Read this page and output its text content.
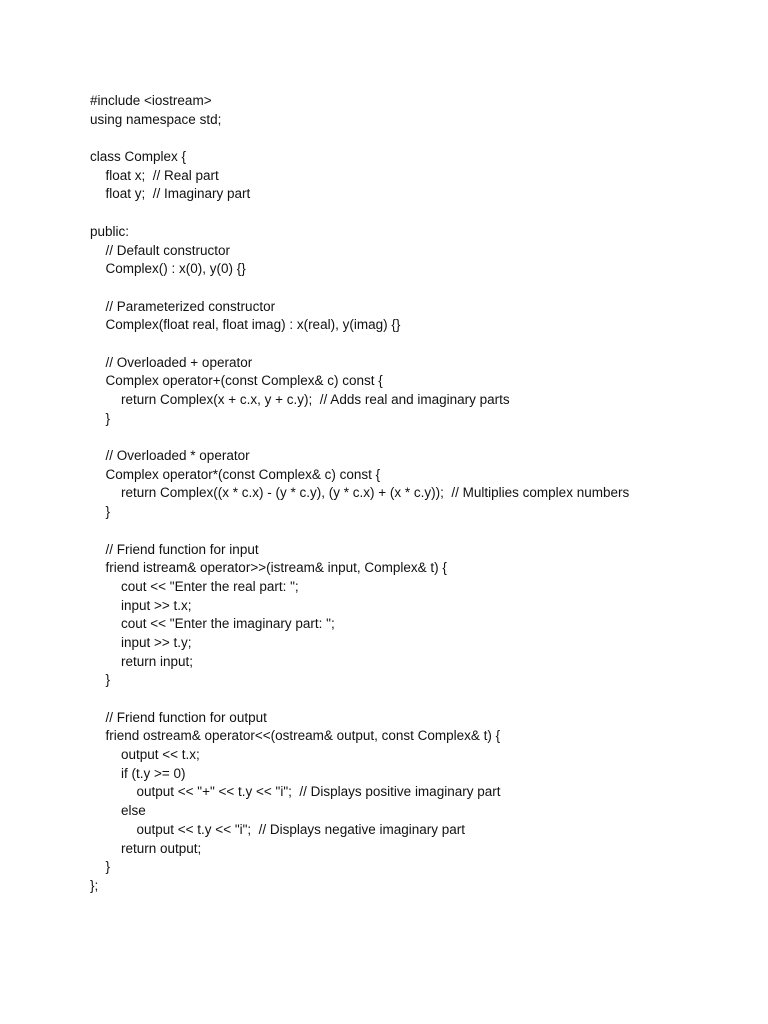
#include <iostream>
using namespace std;
class Complex {
float x;  // Real part
float y;  // Imaginary part
public:
// Default constructor
Complex() : x(0), y(0) {}
// Parameterized constructor
Complex(float real, float imag) : x(real), y(imag) {}
// Overloaded + operator
Complex operator+(const Complex& c) const {
return Complex(x + c.x, y + c.y);  // Adds real and imaginary parts
}
// Overloaded * operator
Complex operator*(const Complex& c) const {
return Complex((x * c.x) - (y * c.y), (y * c.x) + (x * c.y));  // Multiplies complex numbers
}
// Friend function for input
friend istream& operator>>(istream& input, Complex& t) {
cout << "Enter the real part: ";
input >> t.x;
cout << "Enter the imaginary part: ";
input >> t.y;
return input;
}
// Friend function for output
friend ostream& operator<<(ostream& output, const Complex& t) {
output << t.x;
if (t.y >= 0)
output << "+" << t.y << "i";  // Displays positive imaginary part
else
output << t.y << "i";  // Displays negative imaginary part
return output;
}
};
